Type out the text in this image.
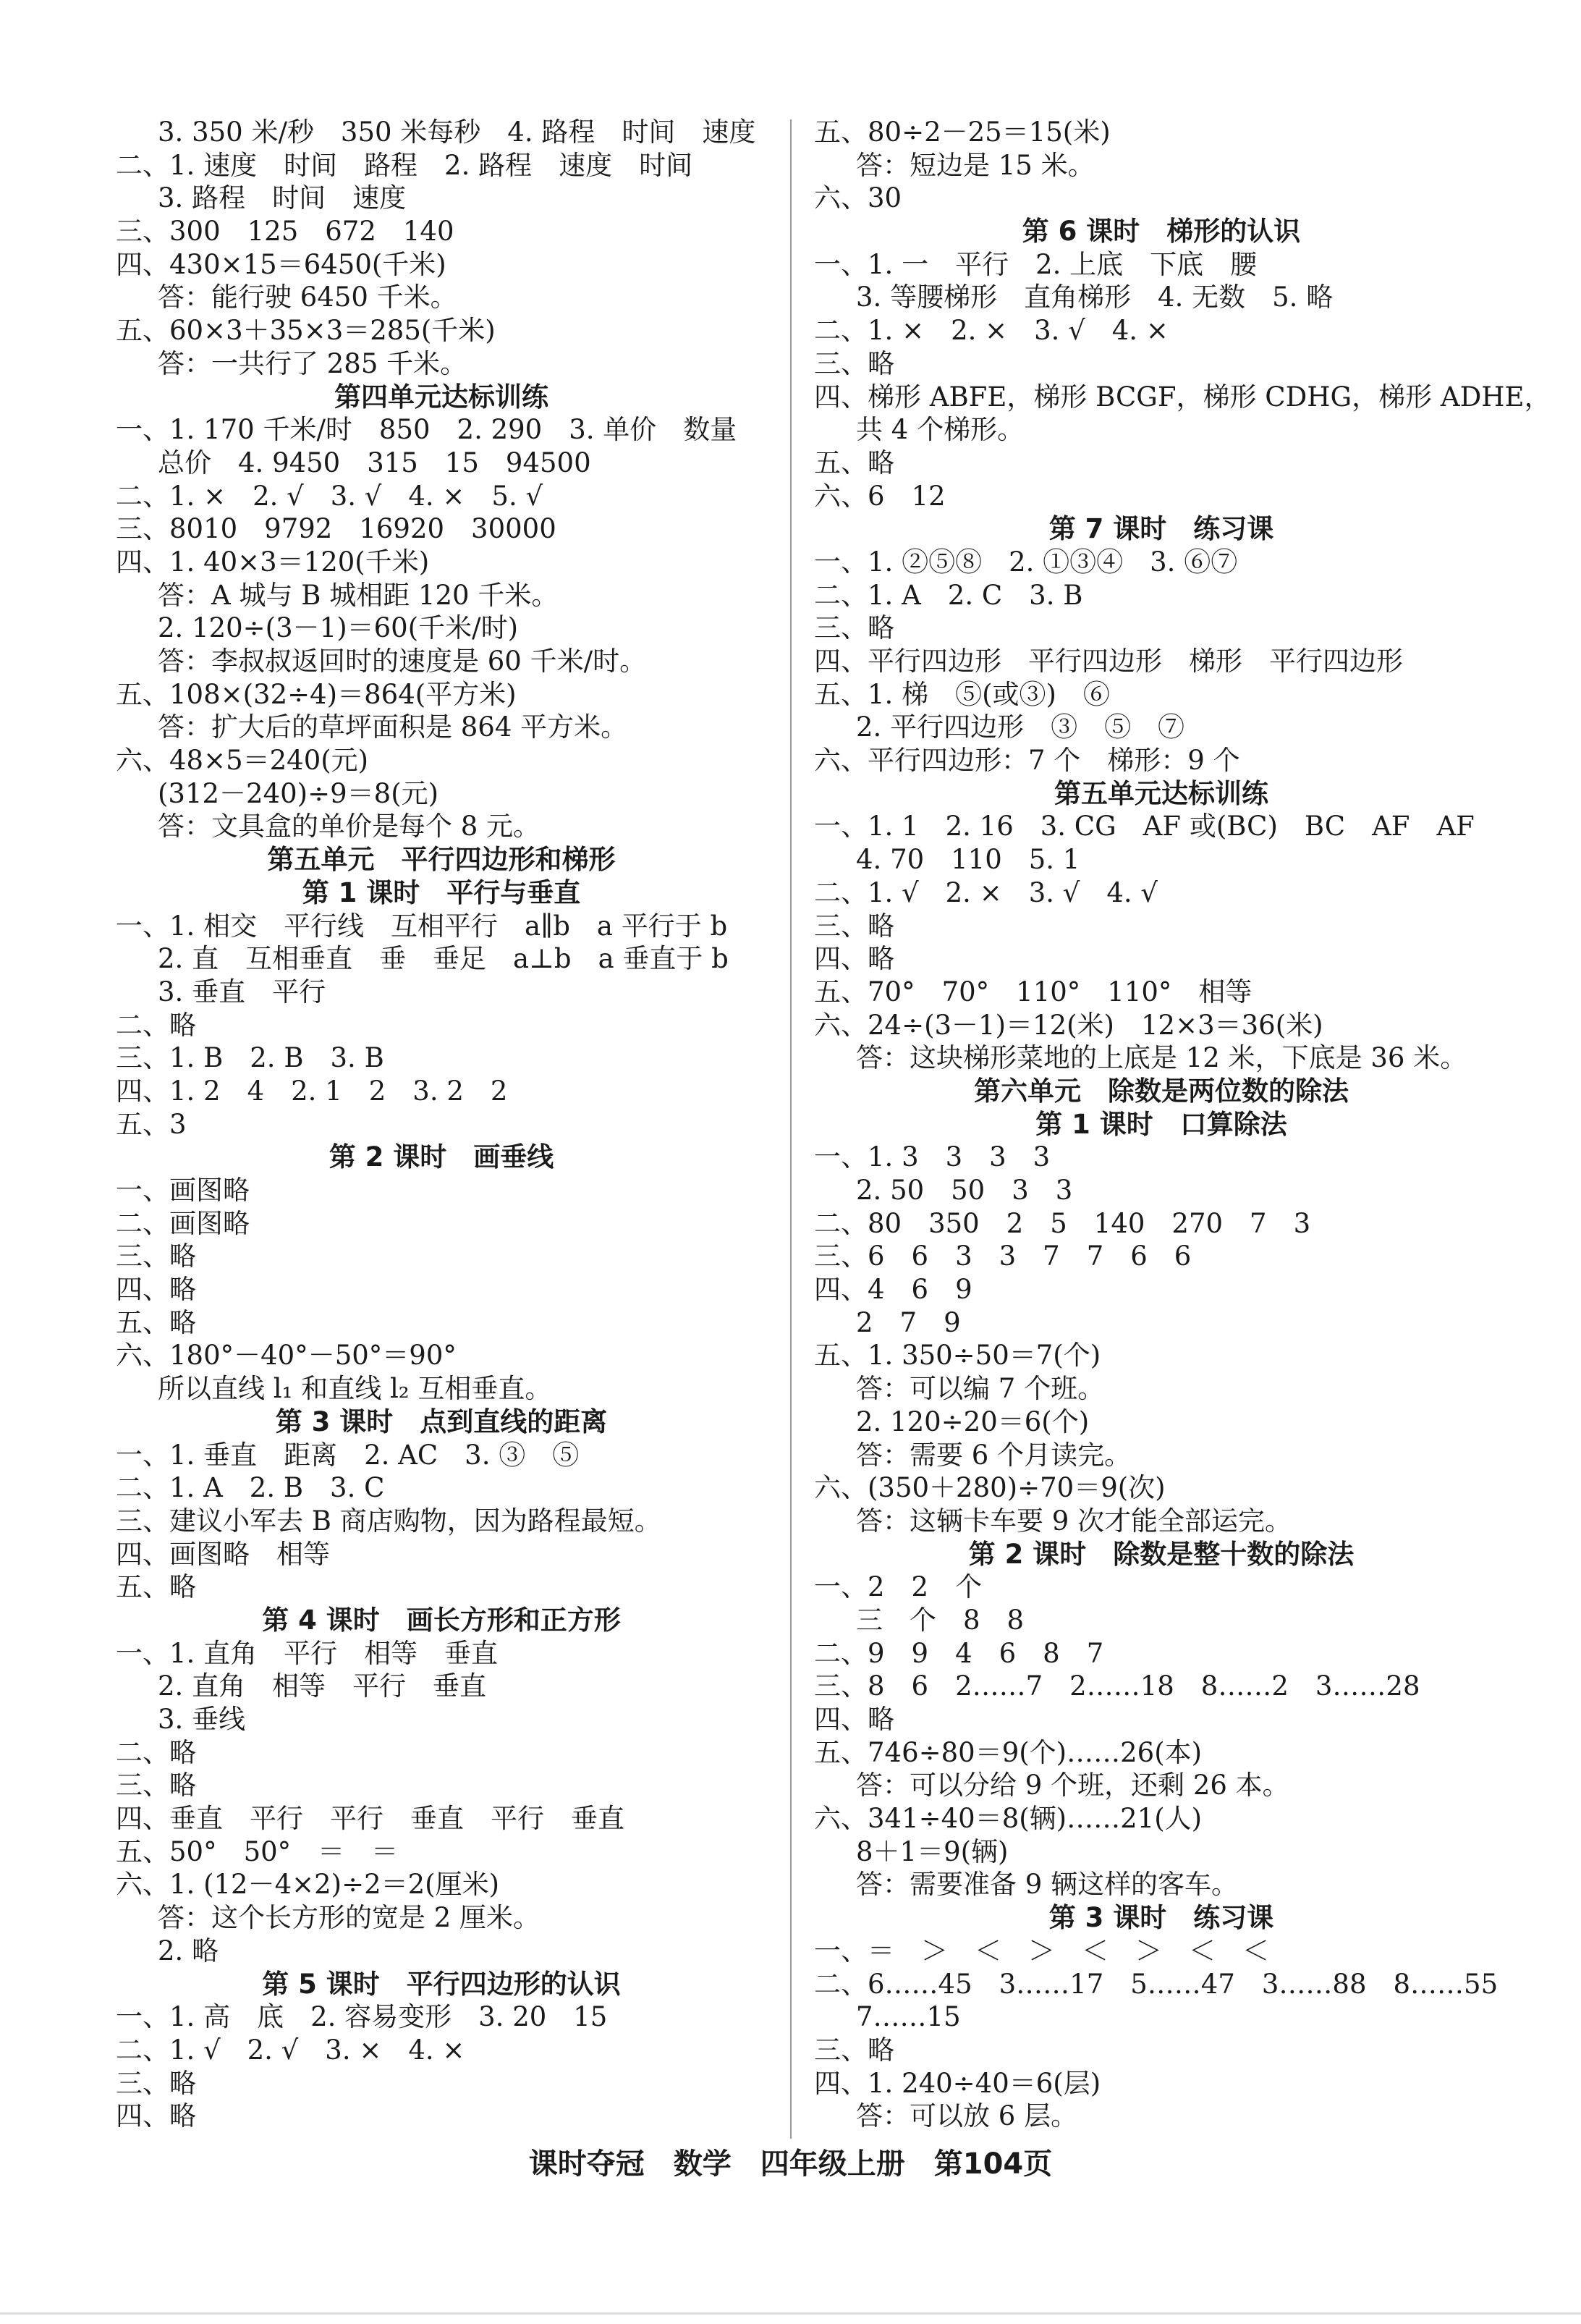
3. 350 米/秒　350 米每秒　4. 路程　时间　速度
二、1. 速度　时间　路程　2. 路程　速度　时间
3. 路程　时间　速度
三、300　125　672　140
四、430×15＝6450(千米)
答：能行驶 6450 千米。
五、60×3＋35×3＝285(千米)
答：一共行了 285 千米。
第四单元达标训练
一、1. 170 千米/时　850　2. 290　3. 单价　数量
总价　4. 9450　315　15　94500
二、1. ×　2. √　3. √　4. ×　5. √
三、8010　9792　16920　30000
四、1. 40×3＝120(千米)
答：A 城与 B 城相距 120 千米。
2. 120÷(3－1)＝60(千米/时)
答：李叔叔返回时的速度是 60 千米/时。
五、108×(32÷4)＝864(平方米)
答：扩大后的草坪面积是 864 平方米。
六、48×5＝240(元)
(312－240)÷9＝8(元)
答：文具盒的单价是每个 8 元。
第五单元　平行四边形和梯形
第 1 课时　平行与垂直
一、1. 相交　平行线　互相平行　a∥b　a 平行于 b
2. 直　互相垂直　垂　垂足　a⊥b　a 垂直于 b
3. 垂直　平行
二、略
三、1. B　2. B　3. B
四、1. 2　4　2. 1　2　3. 2　2
五、3
第 2 课时　画垂线
一、画图略
二、画图略
三、略
四、略
五、略
六、180°－40°－50°＝90°
所以直线 l₁ 和直线 l₂ 互相垂直。
第 3 课时　点到直线的距离
一、1. 垂直　距离　2. AC　3. ③　⑤
二、1. A　2. B　3. C
三、建议小军去 B 商店购物，因为路程最短。
四、画图略　相等
五、略
第 4 课时　画长方形和正方形
一、1. 直角　平行　相等　垂直
2. 直角　相等　平行　垂直
3. 垂线
二、略
三、略
四、垂直　平行　平行　垂直　平行　垂直
五、50°　50°　＝　＝
六、1. (12－4×2)÷2＝2(厘米)
答：这个长方形的宽是 2 厘米。
2. 略
第 5 课时　平行四边形的认识
一、1. 高　底　2. 容易变形　3. 20　15
二、1. √　2. √　3. ×　4. ×
三、略
四、略
五、80÷2－25＝15(米)
答：短边是 15 米。
六、30
第 6 课时　梯形的认识
一、1. 一　平行　2. 上底　下底　腰
3. 等腰梯形　直角梯形　4. 无数　5. 略
二、1. ×　2. ×　3. √　4. ×
三、略
四、梯形 ABFE，梯形 BCGF，梯形 CDHG，梯形 ADHE，
共 4 个梯形。
五、略
六、6　12
第 7 课时　练习课
一、1. ②⑤⑧　2. ①③④　3. ⑥⑦
二、1. A　2. C　3. B
三、略
四、平行四边形　平行四边形　梯形　平行四边形
五、1. 梯　⑤(或③)　⑥
2. 平行四边形　③　⑤　⑦
六、平行四边形：7 个　梯形：9 个
第五单元达标训练
一、1. 1　2. 16　3. CG　AF 或(BC)　BC　AF　AF
4. 70　110　5. 1
二、1. √　2. ×　3. √　4. √
三、略
四、略
五、70°　70°　110°　110°　相等
六、24÷(3－1)＝12(米)　12×3＝36(米)
答：这块梯形菜地的上底是 12 米，下底是 36 米。
第六单元　除数是两位数的除法
第 1 课时　口算除法
一、1. 3　3　3　3
2. 50　50　3　3
二、80　350　2　5　140　270　7　3
三、6　6　3　3　7　7　6　6
四、4　6　9
2　7　9
五、1. 350÷50＝7(个)
答：可以编 7 个班。
2. 120÷20＝6(个)
答：需要 6 个月读完。
六、(350＋280)÷70＝9(次)
答：这辆卡车要 9 次才能全部运完。
第 2 课时　除数是整十数的除法
一、2　2　个
三　个　8　8
二、9　9　4　6　8　7
三、8　6　2……7　2……18　8……2　3……28
四、略
五、746÷80＝9(个)……26(本)
答：可以分给 9 个班，还剩 26 本。
六、341÷40＝8(辆)……21(人)
8＋1＝9(辆)
答：需要准备 9 辆这样的客车。
第 3 课时　练习课
一、＝　＞　＜　＞　＜　＞　＜　＜
二、6……45　3……17　5……47　3……88　8……55
7……15
三、略
四、1. 240÷40＝6(层)
答：可以放 6 层。
课时夺冠　数学　四年级上册　第104页
